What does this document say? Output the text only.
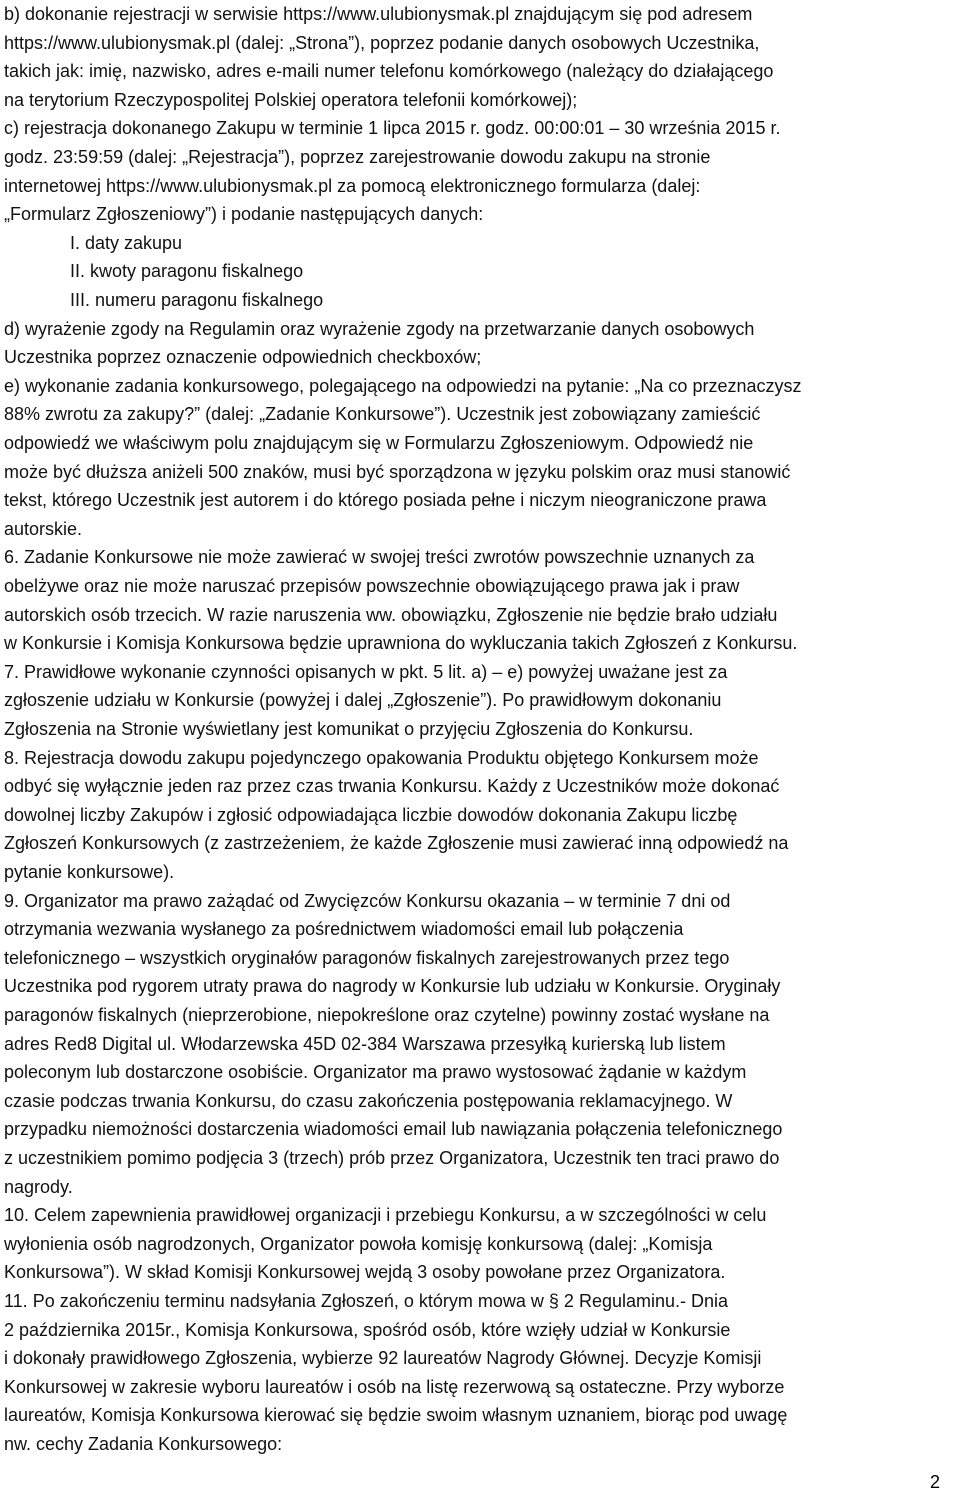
b) dokonanie rejestracji w serwisie https://www.ulubionysmak.pl znajdującym się pod adresem
https://www.ulubionysmak.pl (dalej: „Strona”), poprzez podanie danych osobowych Uczestnika,
takich jak: imię, nazwisko, adres e-maili numer telefonu komórkowego (należący do działającego
na terytorium Rzeczypospolitej Polskiej operatora telefonii komórkowej);
c) rejestracja dokonanego Zakupu w terminie 1 lipca 2015 r. godz. 00:00:01 – 30 września 2015 r.
godz. 23:59:59 (dalej: „Rejestracja”), poprzez zarejestrowanie dowodu zakupu na stronie
internetowej https://www.ulubionysmak.pl za pomocą elektronicznego formularza (dalej:
„Formularz Zgłoszeniowy”) i podanie następujących danych:
I. daty zakupu
II. kwoty paragonu fiskalnego
III. numeru paragonu fiskalnego
d) wyrażenie zgody na Regulamin oraz wyrażenie zgody na przetwarzanie danych osobowych
Uczestnika poprzez oznaczenie odpowiednich checkboxów;
e) wykonanie zadania konkursowego, polegającego na odpowiedzi na pytanie: „Na co przeznaczysz
88% zwrotu za zakupy?” (dalej: „Zadanie Konkursowe”). Uczestnik jest zobowiązany zamieścić
odpowiedź we właściwym polu znajdującym się w Formularzu Zgłoszeniowym. Odpowiedź nie
może być dłuższa aniżeli 500 znaków, musi być sporządzona w języku polskim oraz musi stanowić
tekst, którego Uczestnik jest autorem i do którego posiada pełne i niczym nieograniczone prawa
autorskie.
6. Zadanie Konkursowe nie może zawierać w swojej treści zwrotów powszechnie uznanych za
obelżywe oraz nie może naruszać przepisów powszechnie obowiązującego prawa jak i praw
autorskich osób trzecich. W razie naruszenia ww. obowiązku, Zgłoszenie nie będzie brało udziału
w Konkursie i Komisja Konkursowa będzie uprawniona do wykluczania takich Zgłoszeń z Konkursu.
7. Prawidłowe wykonanie czynności opisanych w pkt. 5 lit. a) – e) powyżej uważane jest za
zgłoszenie udziału w Konkursie (powyżej i dalej „Zgłoszenie”). Po prawidłowym dokonaniu
Zgłoszenia na Stronie wyświetlany jest komunikat o przyjęciu Zgłoszenia do Konkursu.
8. Rejestracja dowodu zakupu pojedynczego opakowania Produktu objętego Konkursem może
odbyć się wyłącznie jeden raz przez czas trwania Konkursu. Każdy z Uczestników może dokonać
dowolnej liczby Zakupów i zgłosić odpowiadająca liczbie dowodów dokonania Zakupu liczbę
Zgłoszeń Konkursowych (z zastrzeżeniem, że każde Zgłoszenie musi zawierać inną odpowiedź na
pytanie konkursowe).
9. Organizator ma prawo zażądać od Zwycięzców Konkursu okazania – w terminie 7 dni od
otrzymania wezwania wysłanego za pośrednictwem wiadomości email lub połączenia
telefonicznego – wszystkich oryginałów paragonów fiskalnych zarejestrowanych przez tego
Uczestnika pod rygorem utraty prawa do nagrody w Konkursie lub udziału w Konkursie. Oryginały
paragonów fiskalnych (nieprzerobione, niepokreślone oraz czytelne) powinny zostać wysłane na
adres Red8 Digital ul. Włodarzewska 45D 02-384 Warszawa przesyłką kurierską lub listem
poleconym lub dostarczone osobiście. Organizator ma prawo wystosować żądanie w każdym
czasie podczas trwania Konkursu, do czasu zakończenia postępowania reklamacyjnego. W
przypadku niemożności dostarczenia wiadomości email lub nawiązania połączenia telefonicznego
z uczestnikiem pomimo podjęcia 3 (trzech) prób przez Organizatora, Uczestnik ten traci prawo do
nagrody.
10. Celem zapewnienia prawidłowej organizacji i przebiegu Konkursu, a w szczególności w celu
wyłonienia osób nagrodzonych, Organizator powoła komisję konkursową (dalej: „Komisja
Konkursowa”). W skład Komisji Konkursowej wejdą 3 osoby powołane przez Organizatora.
11. Po zakończeniu terminu nadsyłania Zgłoszeń, o którym mowa w § 2 Regulaminu.- Dnia
2 października 2015r., Komisja Konkursowa, spośród osób, które wzięły udział w Konkursie
i dokonały prawidłowego Zgłoszenia, wybierze 92 laureatów Nagrody Głównej. Decyzje Komisji
Konkursowej w zakresie wyboru laureatów i osób na listę rezerwową są ostateczne. Przy wyborze
laureatów, Komisja Konkursowa kierować się będzie swoim własnym uznaniem, biorąc pod uwagę
nw. cechy Zadania Konkursowego:
2
